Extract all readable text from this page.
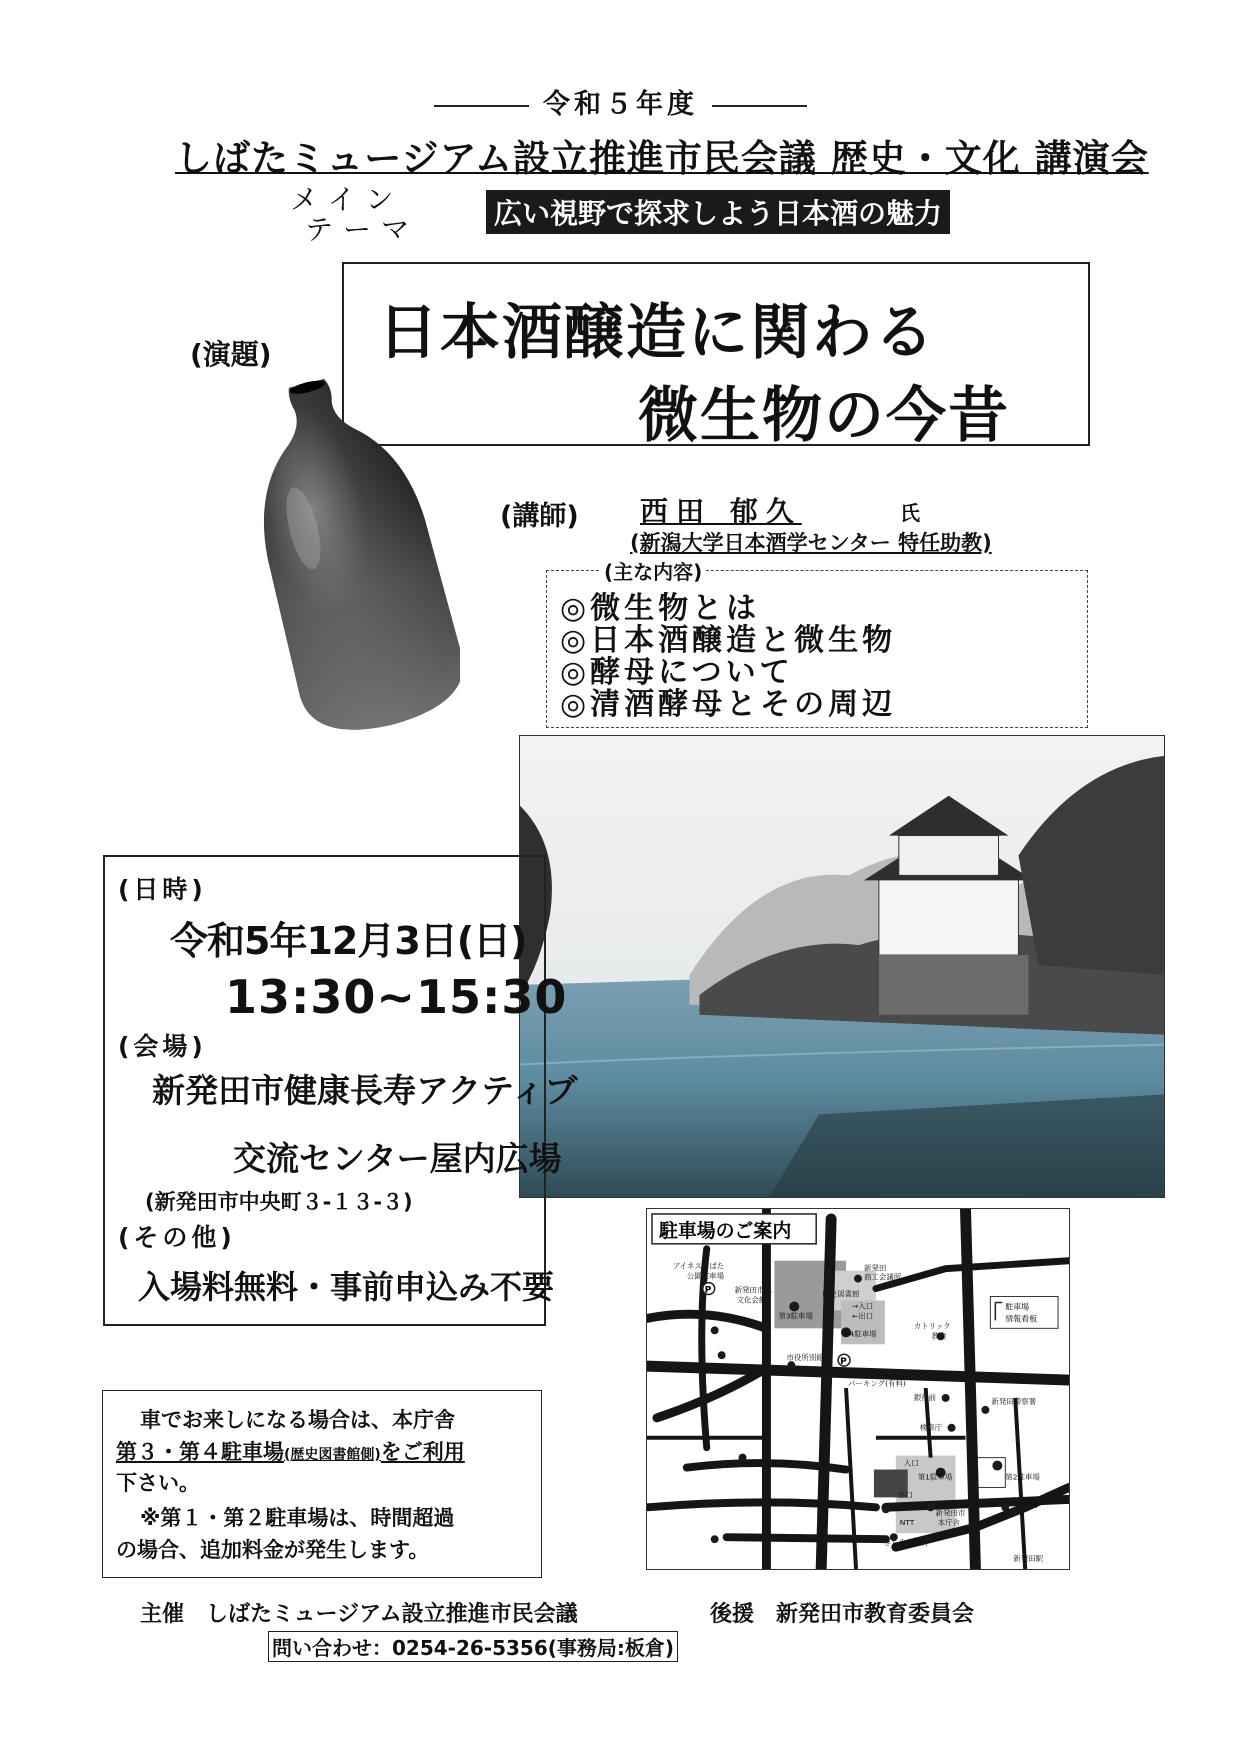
令和５年度
しばたミュージアム設立推進市民会議 歴史・文化 講演会
メイン
テーマ	広い視野で探求しよう日本酒の魅力
日本酒醸造に関わる
微生物の今昔
(演題)
(講師) 西田 郁久	氏
(新潟大学日本酒学センター 特任助教)
(主な内容)
◎微生物とは
◎日本酒醸造と微生物
◎酵母について
◎清酒酵母とその周辺
(日時)
令和5年12月3日(日)
13:30~15:30
(会場)
新発田市健康長寿アクティブ
交流センター屋内広場
(新発田市中央町３-１３-３)
(その他)
入場料無料・事前申込み不要
駐車場のご案内
駐車場
情報看板
P
P
アイネスしばた
公園駐車場
新発田市民
文化会館
歴史図書館
第3駐車場
第4駐車場
→入口
←出口
新発田
商工会議所
カトリック
教会
市役所別館
セントラル
パーキング(有料)
銀行前
検察庁
新発田警察署
入口
第1駐車場	第2駐車場
出口
新発田市
本庁舎
NTT
きらやか銀行
歯科医
新発田駅
車でお来しになる場合は、本庁舎
第３・第４駐車場(歴史図書館側)をご利用
下さい。
※第１・第２駐車場は、時間超過
の場合、追加料金が発生します。
主催　しばたミュージアム設立推進市民会議	後援　新発田市教育委員会
問い合わせ：0254-26-5356(事務局:板倉)
